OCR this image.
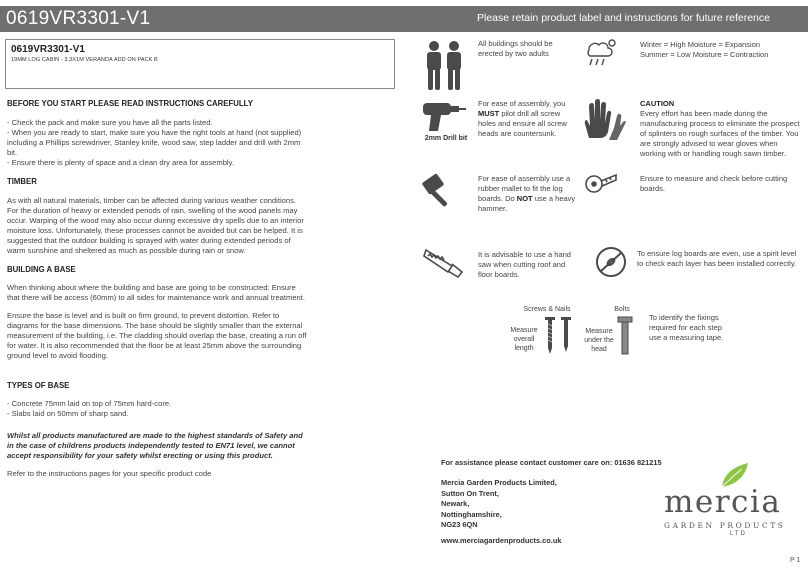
0619VR3301-V1	Please retain product label and instructions for future reference
0619VR3301-V1
19MM LOG CABIN - 3.3X1M VERANDA ADD ON PACK B
BEFORE YOU START PLEASE READ INSTRUCTIONS CAREFULLY
- Check the pack and make sure you have all the parts listed.
- When you are ready to start, make sure you have the right tools at hand (not supplied) including a Phillips screwdriver, Stanley knife, wood saw, step ladder and drill with 2mm bit.
- Ensure there is plenty of space and a clean dry area for assembly.
TIMBER
As with all natural materials, timber can be affected during various weather conditions. For the duration of heavy or extended periods of rain, swelling of the wood panels may occur. Warping of the wood may also occur during excessive dry spells due to an interior moisture loss. Unfortunately, these processes cannot be avoided but can be helped. It is suggested that the outdoor building is sprayed with water during extended periods of warm sunshine and sheltered as much as possible during rain or snow.
BUILDING A BASE
When thinking about where the building and base are going to be constructed: Ensure that there will be access (60mm) to all sides for maintenance work and annual treatment.
Ensure the base is level and is built on firm ground, to prevent distortion. Refer to diagrams for the base dimensions. The base should be slightly smaller than the external measurement of the building, i.e. The cladding should overlap the base, creating a run off for water. It is also recommended that the floor be at least 25mm above the surrounding ground level to avoid flooding.
TYPES OF BASE
- Concrete 75mm laid on top of 75mm hard-core.
- Slabs laid on 50mm of sharp sand.
Whilst all products manufactured are made to the highest standards of Safety and in the case of childrens products independently tested to EN71 level, we cannot accept responsibility for your safety whilst erecting or using this product.
Refer to the instructions pages for your specific product code
All buildings should be erected by two adults
Winter = High Moisture = Expansion
Summer = Low Moisture = Contraction
2mm Drill bit
For ease of assembly, you MUST pilot drill all screw holes and ensure all screw heads are countersunk.
CAUTION
Every effort has been made during the manufacturing process to eliminate the prospect of splinters on rough surfaces of the timber. You are strongly advised to wear gloves when working with or handling rough sawn timber.
For ease of assembly use a rubber mallet to fit the log boards. Do NOT use a heavy hammer.
Ensure to measure and check before cutting boards.
It is advisable to use a hand saw when cutting roof and floor boards.
To ensure log boards are even, use a spirit level to check each layer has been installed correctly.
Screws & Nails	Bolts
Measure overall length
Measure under the head
To identify the fixings required for each step use a measuring tape.
For assistance please contact customer care on: 01636 821215
Mercia Garden Products Limited,
Sutton On Trent,
Newark,
Nottinghamshire,
NG23 6QN
www.merciagardenproducts.co.uk
mercia
GARDEN PRODUCTS
LTD
P 1
